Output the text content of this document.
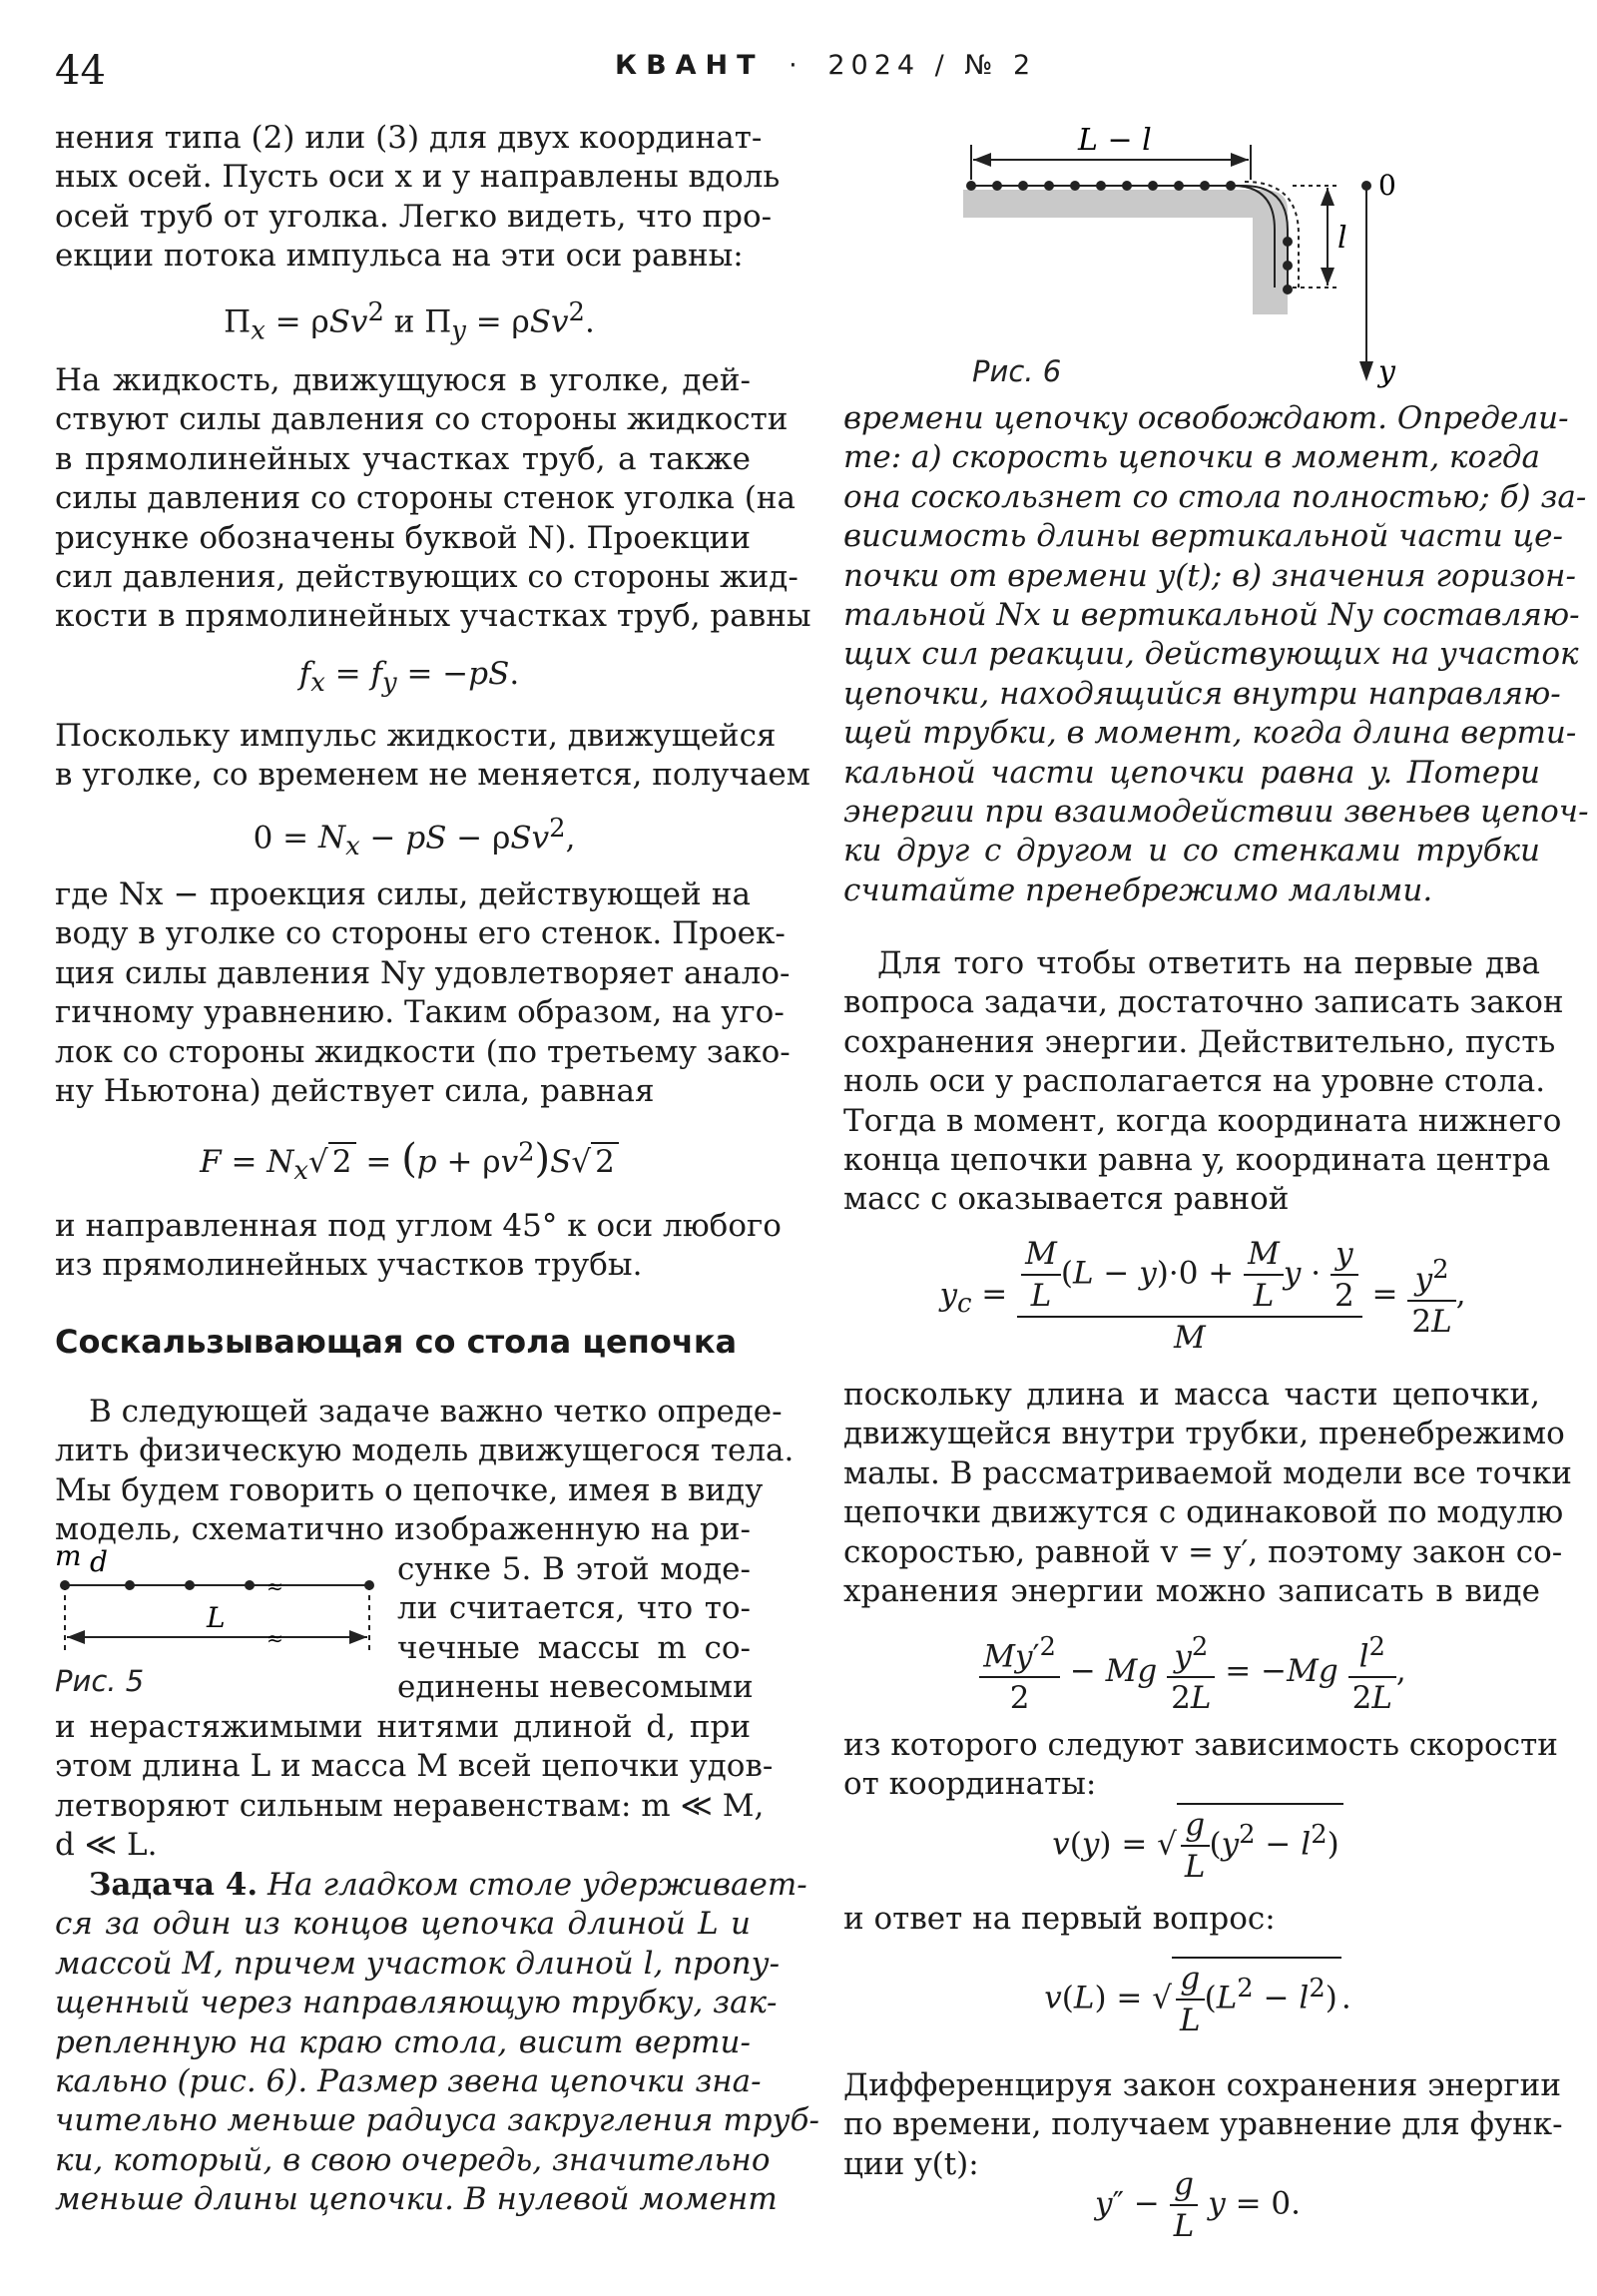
44	КВАНТ · 2024 / № 2
нения типа (2) или (3) для двух координат-
ных осей. Пусть оси x и y направлены вдоль
осей труб от уголка. Легко видеть, что про-
екции потока импульса на эти оси равны:
$\Pi_x = \rho Sv^2$ и $\Pi_y = \rho Sv^2$.
На жидкость, движущуюся в уголке, дей-
ствуют силы давления со стороны жидкости
в прямолинейных участках труб, а также
силы давления со стороны стенок уголка (на
рисунке обозначены буквой N). Проекции
сил давления, действующих со стороны жид-
кости в прямолинейных участках труб, равны
$f_x = f_y = -pS$.
Поскольку импульс жидкости, движущейся
в уголке, со временем не меняется, получаем
$0 = N_x$ − pS − ρSv$^2$,
где Nx − проекция силы, действующей на
воду в уголке со стороны его стенок. Проек-
ция силы давления Ny удовлетворяет анало-
гичному уравнению. Таким образом, на уго-
лок со стороны жидкости (по третьему зако-
ну Ньютона) действует сила, равная
$F = N_x√$ $2 = (p + \rho v^2)S√$ 2
и направленная под углом 45° к оси любого
из прямолинейных участков трубы.
Соскальзывающая со стола цепочка
В следующей задаче важно четко опреде-
лить физическую модель движущегося тела.
Мы будем говорить о цепочке, имея в виду
модель, схематично изображенную на ри-
m d
≈
≈
L
Рис. 5
сунке 5. В этой моде-
ли считается, что то-
чечные массы m со-
единены невесомыми
и нерастяжимыми нитями длиной d, при
этом длина L и масса M всей цепочки удов-
летворяют сильным неравенствам: m ≪ M,
d ≪ L.
Задача 4. На гладком столе удерживает-
ся за один из концов цепочка длиной L и
массой M, причем участок длиной l, пропу-
щенный через направляющую трубку, зак-
репленную на краю стола, висит верти-
кально (рис. 6). Размер звена цепочки зна-
чительно меньше радиуса закругления труб-
ки, который, в свою очередь, значительно
меньше длины цепочки. В нулевой момент
L − l
l
0
y
Рис. 6
времени цепочку освобождают. Определи-
те: а) скорость цепочки в момент, когда
она соскользнет со стола полностью; б) за-
висимость длины вертикальной части це-
почки от времени y(t); в) значения горизон-
тальной Nx и вертикальной Ny составляю-
щих сил реакции, действующих на участок
цепочки, находящийся внутри направляю-
щей трубки, в момент, когда длина верти-
кальной части цепочки равна y. Потери
энергии при взаимодействии звеньев цепоч-
ки друг с другом и со стенками трубки
считайте пренебрежимо малыми.
Для того чтобы ответить на первые два
вопроса задачи, достаточно записать закон
сохранения энергии. Действительно, пусть
ноль оси y располагается на уровне стола.
Тогда в момент, когда координата нижнего
конца цепочки равна y, координата центра
масс c оказывается равной
$y_c = \frac{\frac{M}{L} (L - y)\cdot 0 + \frac{M}{L} y \cdot \frac{y}{2}}{M} = \frac{y^2}{2L}$ ,
поскольку длина и масса части цепочки,
движущейся внутри трубки, пренебрежимо
малы. В рассматриваемой модели все точки
цепочки движутся с одинаковой по модулю
скоростью, равной v = y′, поэтому закон со-
хранения энергии можно записать в виде
$\frac{My'^2}{2} - Mg \frac{y^2}{2L} = -Mg \frac{l^2}{2L}$ ,
из которого следуют зависимость скорости
от координаты:
v(y) = √ $\frac{g}{L} (y^2 - l^2)$
и ответ на первый вопрос:
v(L) = √ $\frac{g}{L} (L^2 - l^2)$ .
Дифференцируя закон сохранения энергии
по времени, получаем уравнение для функ-
ции y(t):
$y'' - \frac{g}{L}$ y = 0.
